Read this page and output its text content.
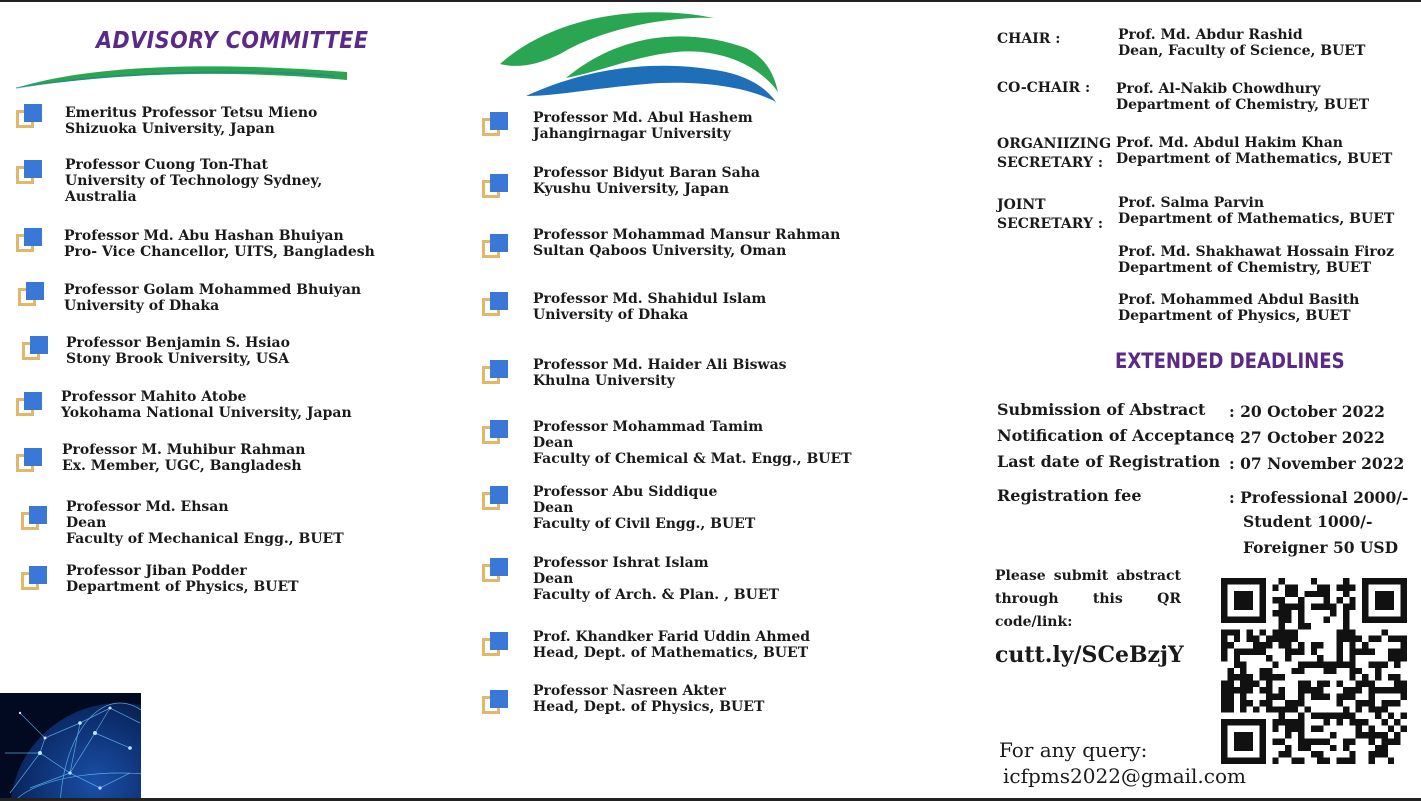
ADVISORY COMMITTEE
Emeritus Professor Tetsu Mieno
Shizuoka University, Japan
Professor Cuong Ton-That
University of Technology Sydney,
Australia
Professor Md. Abu Hashan Bhuiyan
Pro- Vice Chancellor, UITS, Bangladesh
Professor Golam Mohammed Bhuiyan
University of Dhaka
Professor Benjamin S. Hsiao
Stony Brook University, USA
Professor Mahito Atobe
Yokohama National University, Japan
Professor M. Muhibur Rahman
Ex. Member, UGC, Bangladesh
Professor Md. Ehsan
Dean
Faculty of Mechanical Engg., BUET
Professor Jiban Podder
Department of Physics, BUET
Professor Md. Abul Hashem
Jahangirnagar University
Professor Bidyut Baran Saha
Kyushu University, Japan
Professor Mohammad Mansur Rahman
Sultan Qaboos University, Oman
Professor Md. Shahidul Islam
University of Dhaka
Professor Md. Haider Ali Biswas
Khulna University
Professor Mohammad Tamim
Dean
Faculty of Chemical & Mat. Engg., BUET
Professor Abu Siddique
Dean
Faculty of Civil Engg., BUET
Professor Ishrat Islam
Dean
Faculty of Arch. & Plan. , BUET
Prof. Khandker Farid Uddin Ahmed
Head, Dept. of Mathematics, BUET
Professor Nasreen Akter
Head, Dept. of Physics, BUET
CHAIR :	Prof. Md. Abdur Rashid
Dean, Faculty of Science, BUET
CO-CHAIR : Prof. Al-Nakib Chowdhury
Department of Chemistry, BUET
ORGANIIZING
SECRETARY :
Prof. Md. Abdul Hakim Khan
Department of Mathematics, BUET
JOINT
SECRETARY :
Prof. Salma Parvin
Department of Mathematics, BUET
Prof. Md. Shakhawat Hossain Firoz
Department of Chemistry, BUET
Prof. Mohammed Abdul Basith
Department of Physics, BUET
EXTENDED DEADLINES
Submission of Abstract : 20 October 2022
Notification of Acceptance
: 27 October 2022
Last date of Registration : 07 November 2022
Registration fee	: Professional 2000/-
Student 1000/-
Foreigner 50 USD
Please submit abstract through this QR code/link:
cutt.ly/SCeBzjY
For any query:
icfpms2022@gmail.com
